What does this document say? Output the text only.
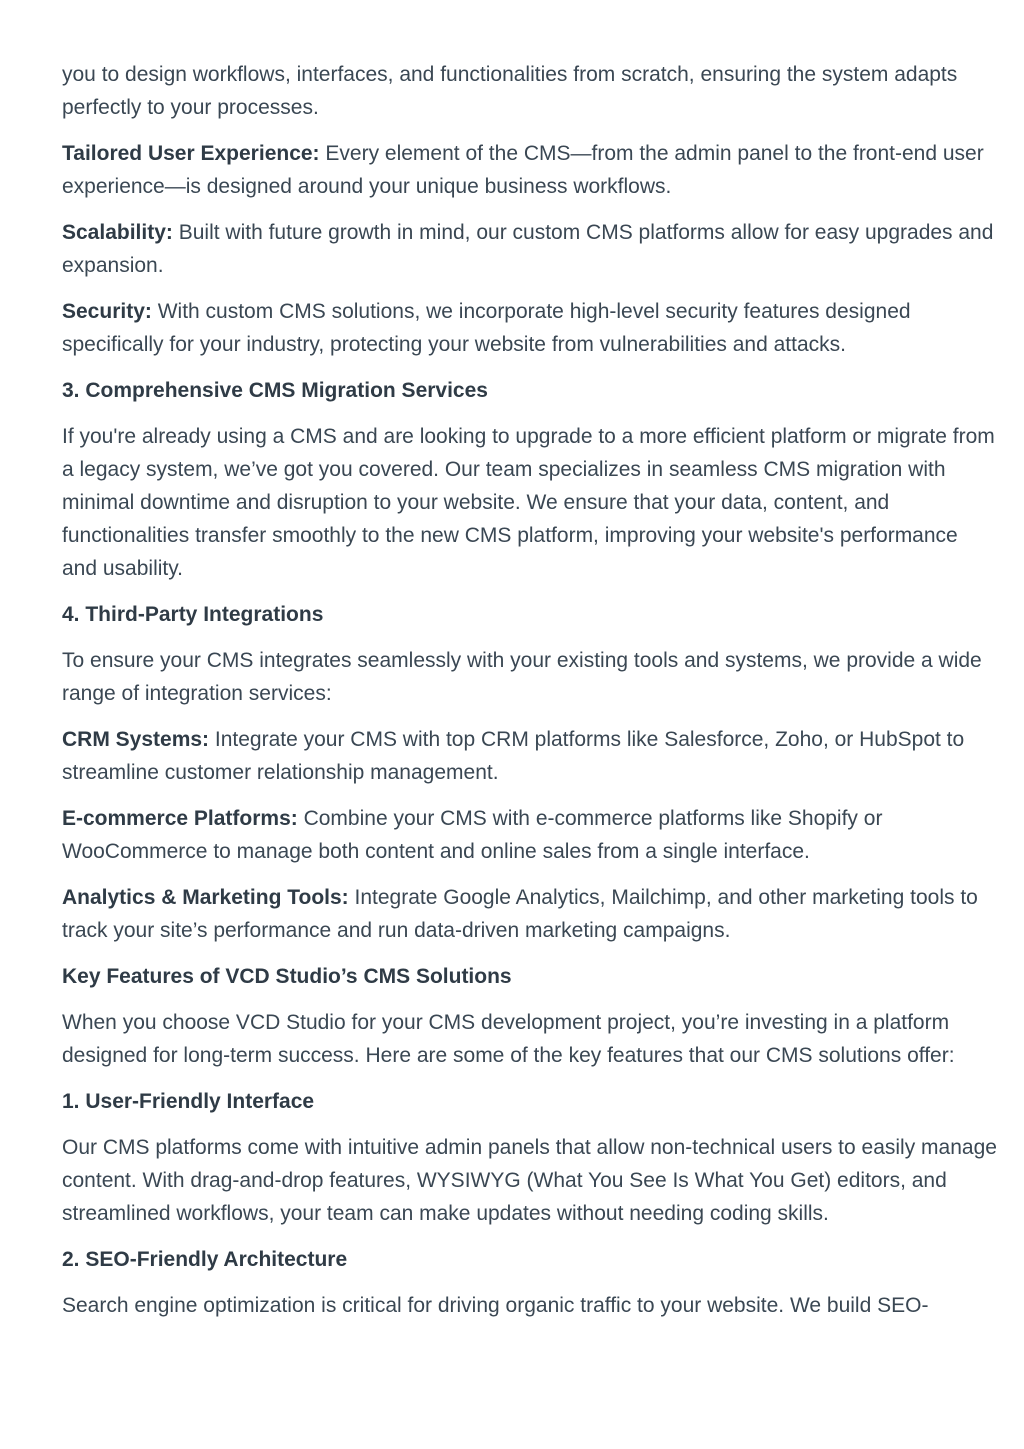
you to design workflows, interfaces, and functionalities from scratch, ensuring the system adapts perfectly to your processes.

Tailored User Experience: Every element of the CMS—from the admin panel to the front-end user experience—is designed around your unique business workflows.

Scalability: Built with future growth in mind, our custom CMS platforms allow for easy upgrades and expansion.

Security: With custom CMS solutions, we incorporate high-level security features designed specifically for your industry, protecting your website from vulnerabilities and attacks.

3. Comprehensive CMS Migration Services

If you're already using a CMS and are looking to upgrade to a more efficient platform or migrate from a legacy system, we’ve got you covered. Our team specializes in seamless CMS migration with minimal downtime and disruption to your website. We ensure that your data, content, and functionalities transfer smoothly to the new CMS platform, improving your website's performance and usability.

4. Third-Party Integrations

To ensure your CMS integrates seamlessly with your existing tools and systems, we provide a wide range of integration services:

CRM Systems: Integrate your CMS with top CRM platforms like Salesforce, Zoho, or HubSpot to streamline customer relationship management.

E-commerce Platforms: Combine your CMS with e-commerce platforms like Shopify or WooCommerce to manage both content and online sales from a single interface.

Analytics & Marketing Tools: Integrate Google Analytics, Mailchimp, and other marketing tools to track your site’s performance and run data-driven marketing campaigns.

Key Features of VCD Studio’s CMS Solutions

When you choose VCD Studio for your CMS development project, you’re investing in a platform designed for long-term success. Here are some of the key features that our CMS solutions offer:

1. User-Friendly Interface

Our CMS platforms come with intuitive admin panels that allow non-technical users to easily manage content. With drag-and-drop features, WYSIWYG (What You See Is What You Get) editors, and streamlined workflows, your team can make updates without needing coding skills.

2. SEO-Friendly Architecture

Search engine optimization is critical for driving organic traffic to your website. We build SEO-
